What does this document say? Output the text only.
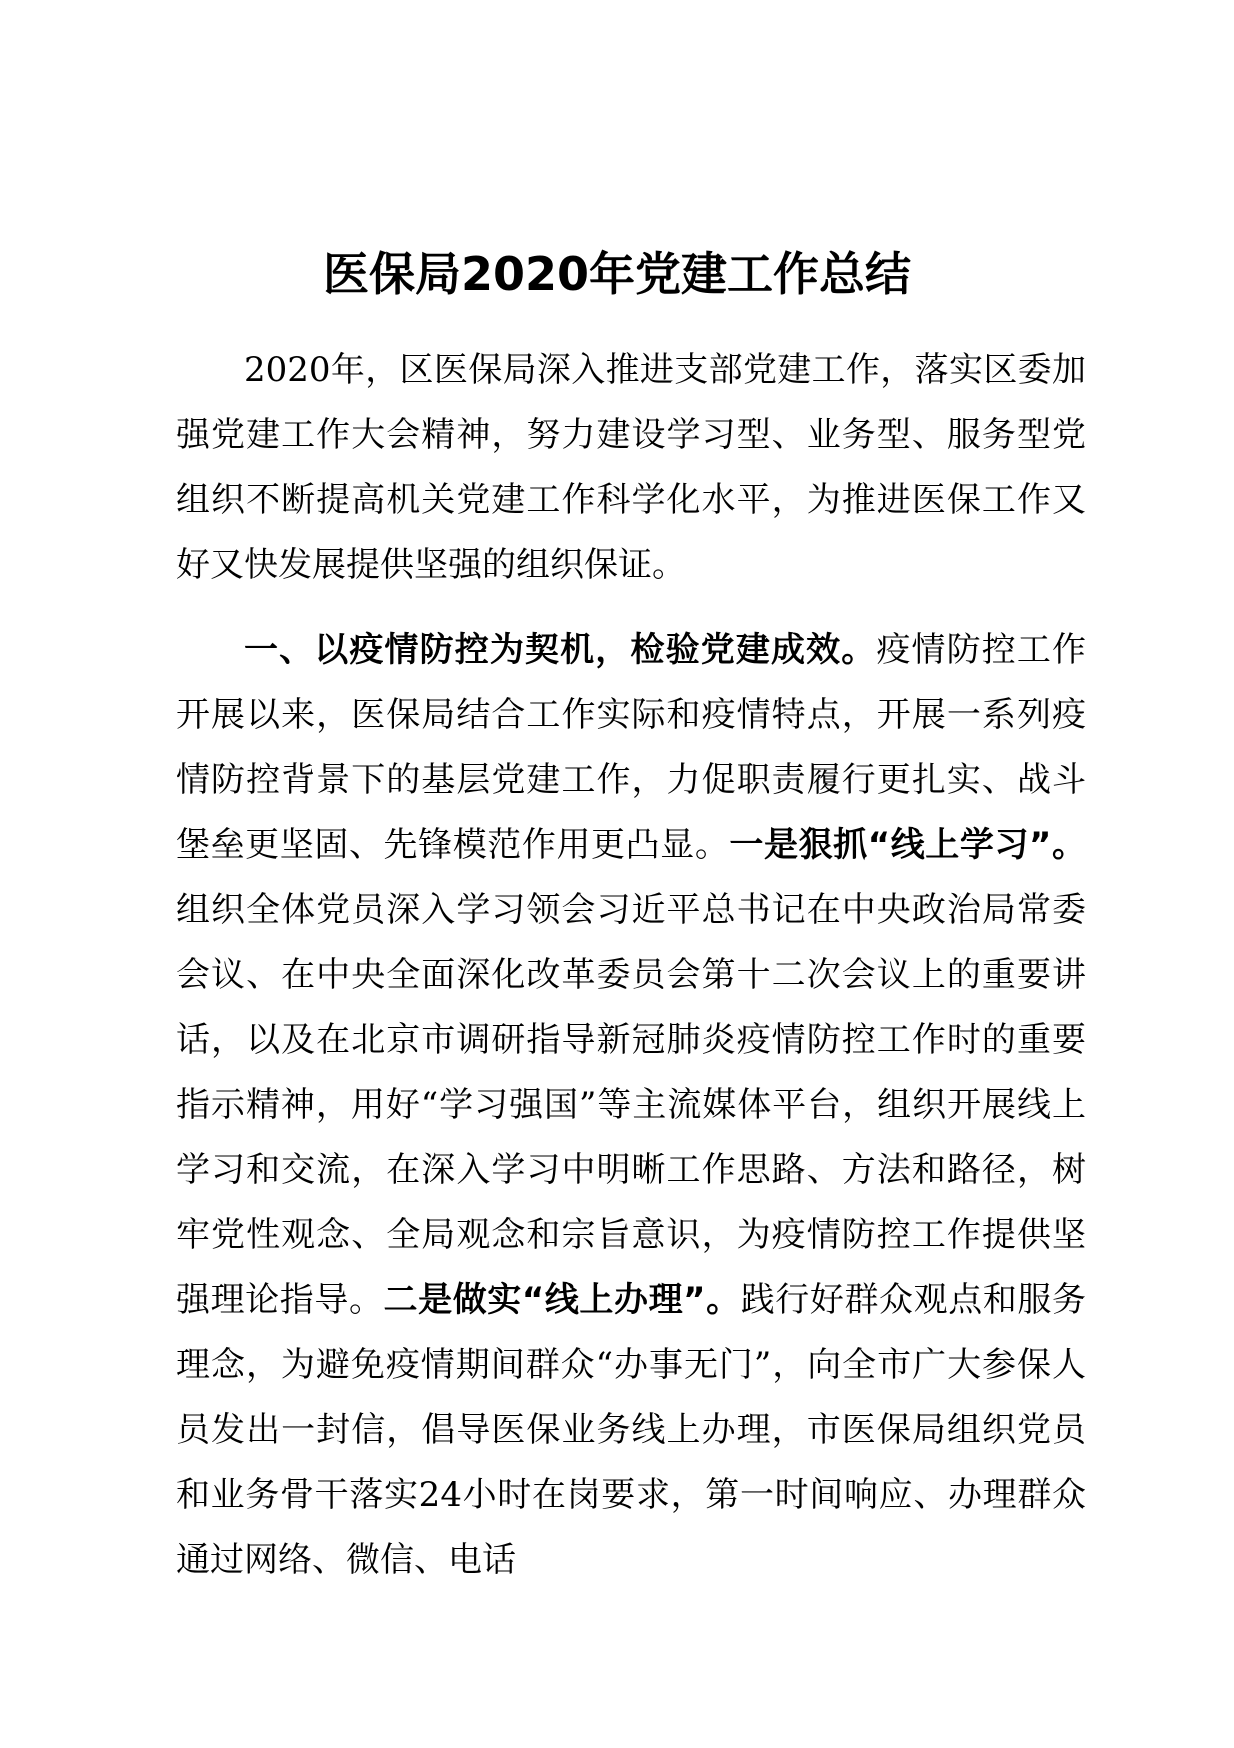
医保局2020年党建工作总结

2020年，区医保局深入推进支部党建工作，落实区委加强党建工作大会精神，努力建设学习型、业务型、服务型党组织不断提高机关党建工作科学化水平，为推进医保工作又好又快发展提供坚强的组织保证。

一、以疫情防控为契机，检验党建成效。疫情防控工作开展以来，医保局结合工作实际和疫情特点，开展一系列疫情防控背景下的基层党建工作，力促职责履行更扎实、战斗堡垒更坚固、先锋模范作用更凸显。一是狠抓“线上学习”。组织全体党员深入学习领会习近平总书记在中央政治局常委会议、在中央全面深化改革委员会第十二次会议上的重要讲话，以及在北京市调研指导新冠肺炎疫情防控工作时的重要指示精神，用好“学习强国”等主流媒体平台，组织开展线上学习和交流，在深入学习中明晰工作思路、方法和路径，树牢党性观念、全局观念和宗旨意识，为疫情防控工作提供坚强理论指导。二是做实“线上办理”。践行好群众观点和服务理念，为避免疫情期间群众“办事无门”，向全市广大参保人员发出一封信，倡导医保业务线上办理，市医保局组织党员和业务骨干落实24小时在岗要求，第一时间响应、办理群众通过网络、微信、电话
